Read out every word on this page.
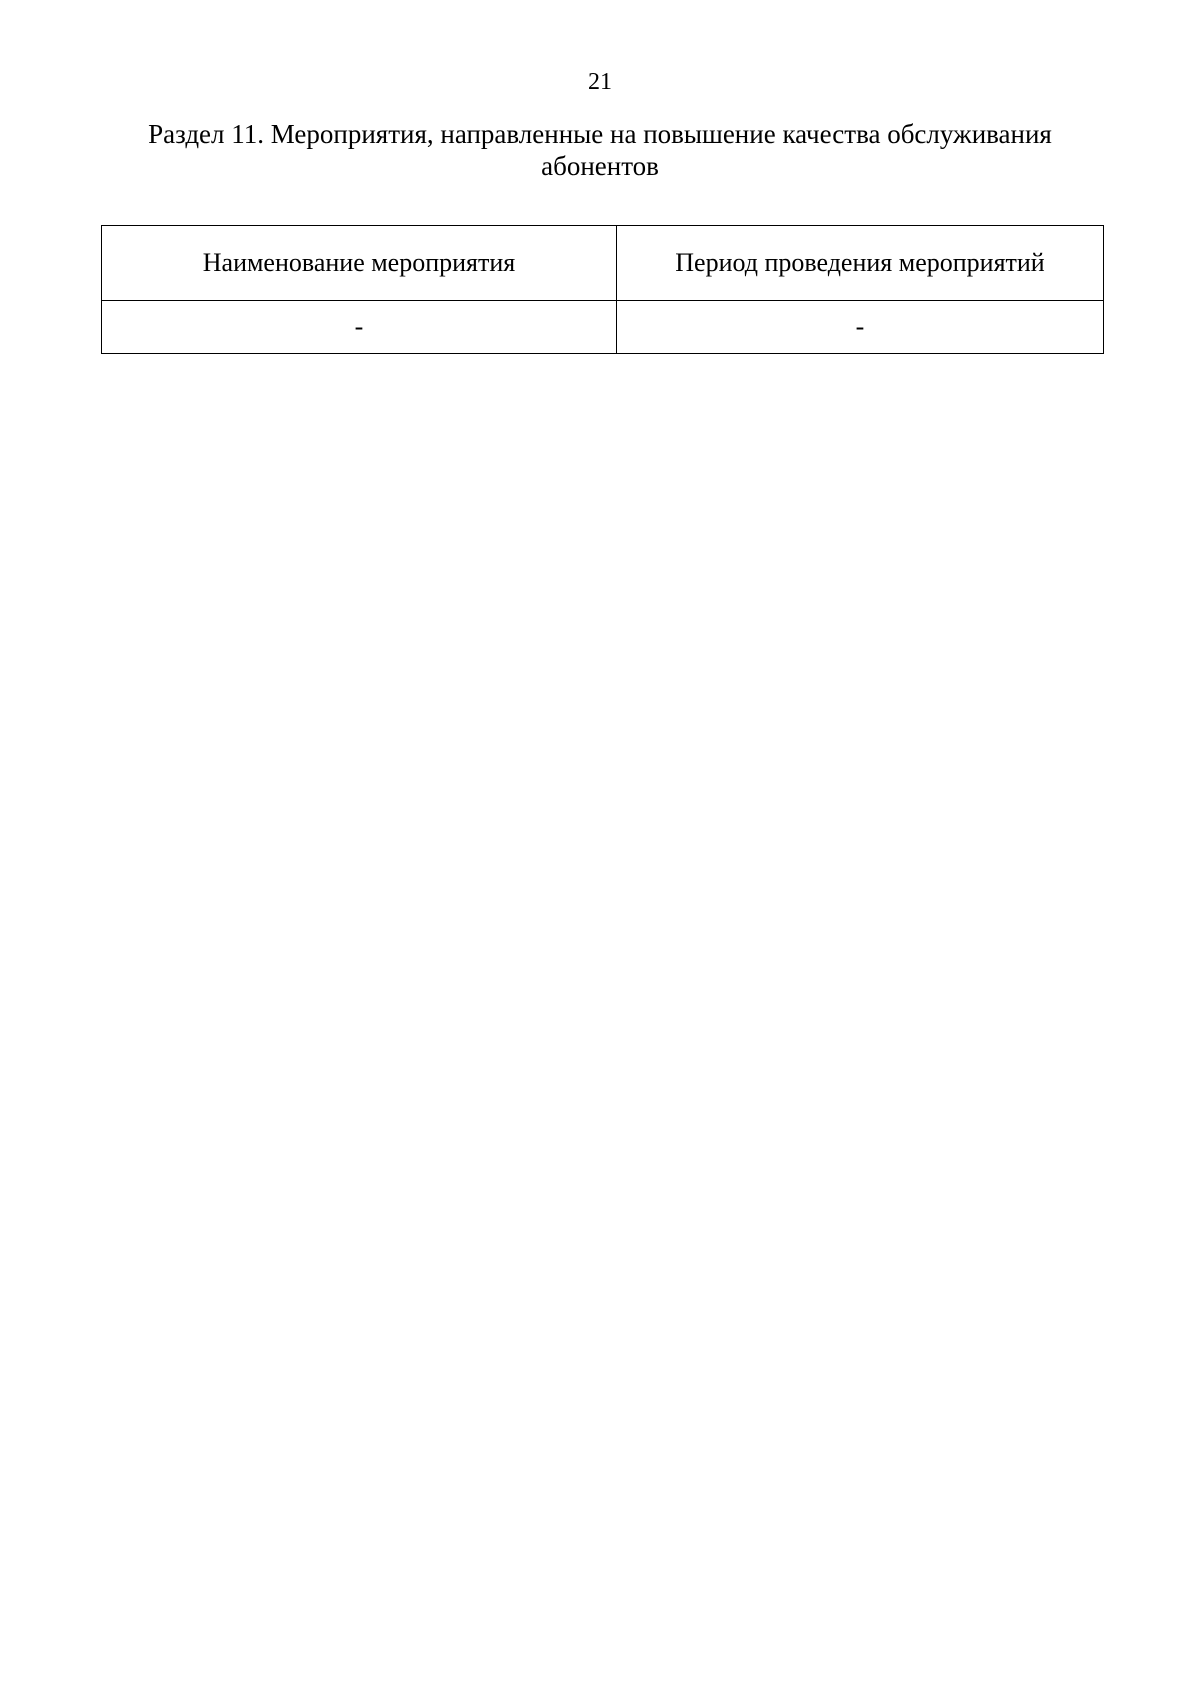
21
Раздел 11. Мероприятия, направленные на повышение качества обслуживания
абонентов
Наименование мероприятия	Период проведения мероприятий
-	-
